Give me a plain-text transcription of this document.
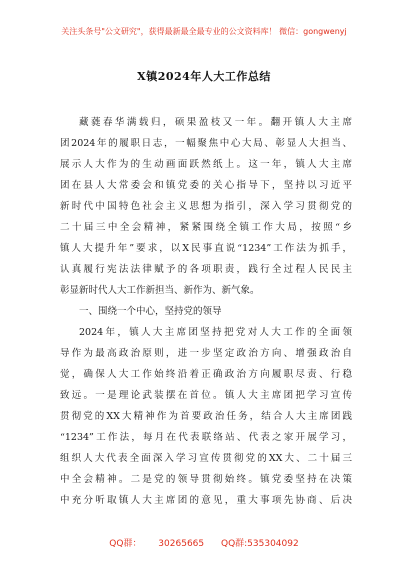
关注头条号"公文研究"，获得最新最全最专业的公文资料库！ 微信：gongwenyj
X镇2024年人大工作总结
藏蕤春华满载归，硕果盈枝又一年。翻开镇人大主席
团2024年的履职日志，一幅聚焦中心大局、彰显人大担当、
展示人大作为的生动画面跃然纸上。这一年，镇人大主席
团在县人大常委会和镇党委的关心指导下，坚持以习近平
新时代中国特色社会主义思想为指引，深入学习贯彻党的
二十届三中全会精神，紧紧围绕全镇工作大局，按照“乡
镇人大提升年”要求，以X民事直说“1234”工作法为抓手，
认真履行宪法法律赋予的各项职责，践行全过程人民民主
彰显新时代人大工作新担当、新作为、新气象。
一、围绕一个中心，坚持党的领导
2024年，镇人大主席团坚持把党对人大工作的全面领
导作为最高政治原则，进一步坚定政治方向、增强政治自
觉，确保人大工作始终沿着正确政治方向履职尽责、行稳
致远。一是理论武装摆在首位。镇人大主席团把学习宣传
贯彻党的XX大精神作为首要政治任务，结合人大主席团践
“1234”工作法，每月在代表联络站、代表之家开展学习，
组织人大代表全面深入学习宣传贯彻党的XX大、二十届三
中全会精神。二是党的领导贯彻始终。镇党委坚持在决策
中充分听取镇人大主席团的意见，重大事项先协商、后决
QQ群： 30265665 QQ群:535304092
